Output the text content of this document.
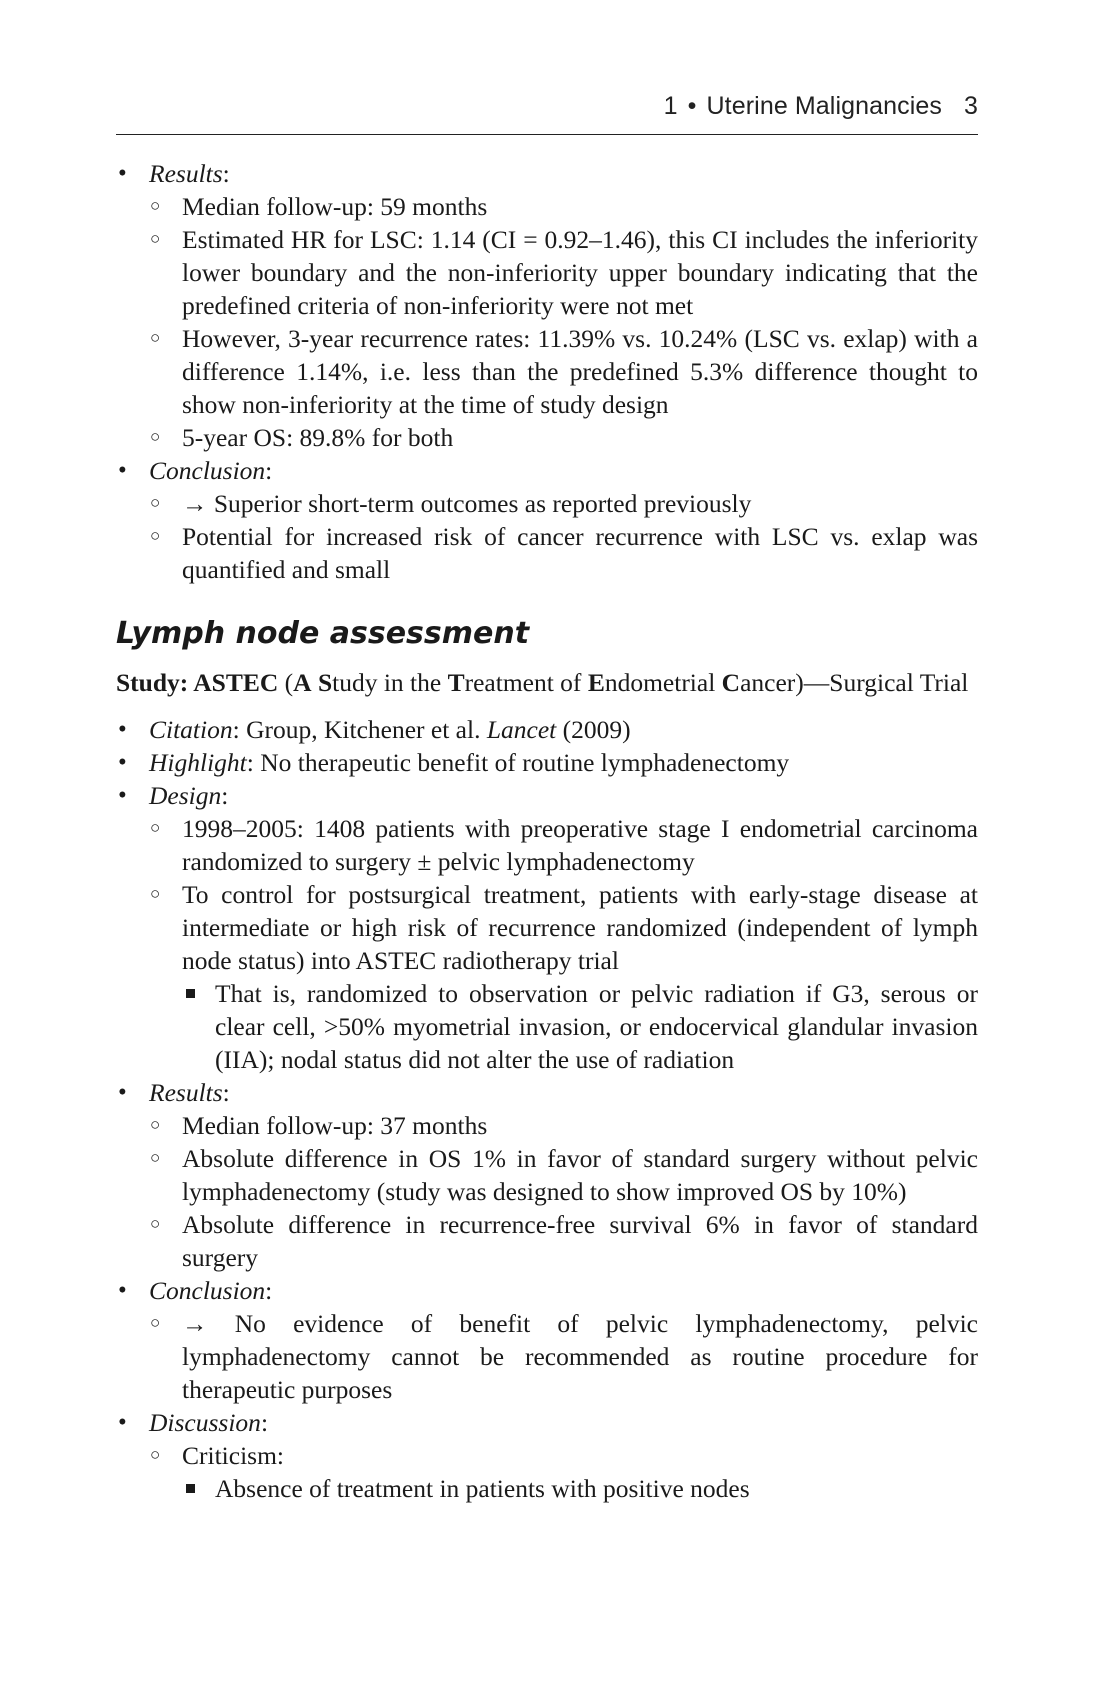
1 • Uterine Malignancies 3
• Results:
○ Median follow-up: 59 months
○ Estimated HR for LSC: 1.14 (CI = 0.92–1.46), this CI includes the inferiority lower boundary and the non-inferiority upper boundary indicating that the predefined criteria of non-inferiority were not met
○ However, 3-year recurrence rates: 11.39% vs. 10.24% (LSC vs. exlap) with a difference 1.14%, i.e. less than the predefined 5.3% difference thought to show non-inferiority at the time of study design
○ 5-year OS: 89.8% for both
• Conclusion:
○ → Superior short-term outcomes as reported previously
○ Potential for increased risk of cancer recurrence with LSC vs. exlap was quantified and small
Lymph node assessment
Study: ASTEC (A Study in the Treatment of Endometrial Cancer)—Surgical Trial
• Citation: Group, Kitchener et al. Lancet (2009)
• Highlight: No therapeutic benefit of routine lymphadenectomy
• Design:
○ 1998–2005: 1408 patients with preoperative stage I endometrial carcinoma randomized to surgery ± pelvic lymphadenectomy
○ To control for postsurgical treatment, patients with early-stage disease at intermediate or high risk of recurrence randomized (independent of lymph node status) into ASTEC radiotherapy trial
That is, randomized to observation or pelvic radiation if G3, serous or clear cell, >50% myometrial invasion, or endocervical glandular invasion (IIA); nodal status did not alter the use of radiation
• Results:
○ Median follow-up: 37 months
○ Absolute difference in OS 1% in favor of standard surgery without pelvic lymphadenectomy (study was designed to show improved OS by 10%)
○ Absolute difference in recurrence-free survival 6% in favor of standard surgery
• Conclusion:
○ → No evidence of benefit of pelvic lymphadenectomy, pelvic lymphadenectomy cannot be recommended as routine procedure for therapeutic purposes
• Discussion:
○ Criticism:
Absence of treatment in patients with positive nodes
